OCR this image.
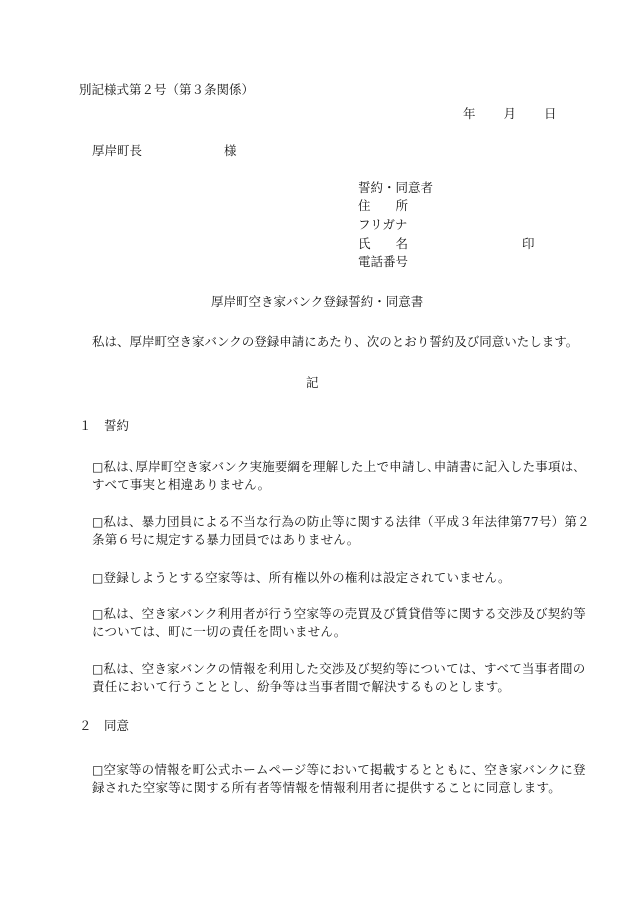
別記様式第２号（第３条関係）
年 月 日
厚岸町長	様
誓約・同意者
住　　所
フリガナ
氏　　名	印
電話番号
厚岸町空き家バンク登録誓約・同意書
私は、厚岸町空き家バンクの登録申請にあたり、次のとおり誓約及び同意いたします。
記
１　誓約
□私は､厚岸町空き家バンク実施要綱を理解した上で申請し､申請書に記入した事項は､
すべて事実と相違ありません。
□私は、暴力団員による不当な行為の防止等に関する法律（平成３年法律第77号）第２
条第６号に規定する暴力団員ではありません。
□登録しようとする空家等は、所有権以外の権利は設定されていません。
□私は、空き家バンク利用者が行う空家等の売買及び賃貸借等に関する交渉及び契約等
については、町に一切の責任を問いません。
□私は、空き家バンクの情報を利用した交渉及び契約等については、すべて当事者間の
責任において行うこととし、紛争等は当事者間で解決するものとします。
２　同意
□空家等の情報を町公式ホームページ等において掲載するとともに、空き家バンクに登
録された空家等に関する所有者等情報を情報利用者に提供することに同意します。
